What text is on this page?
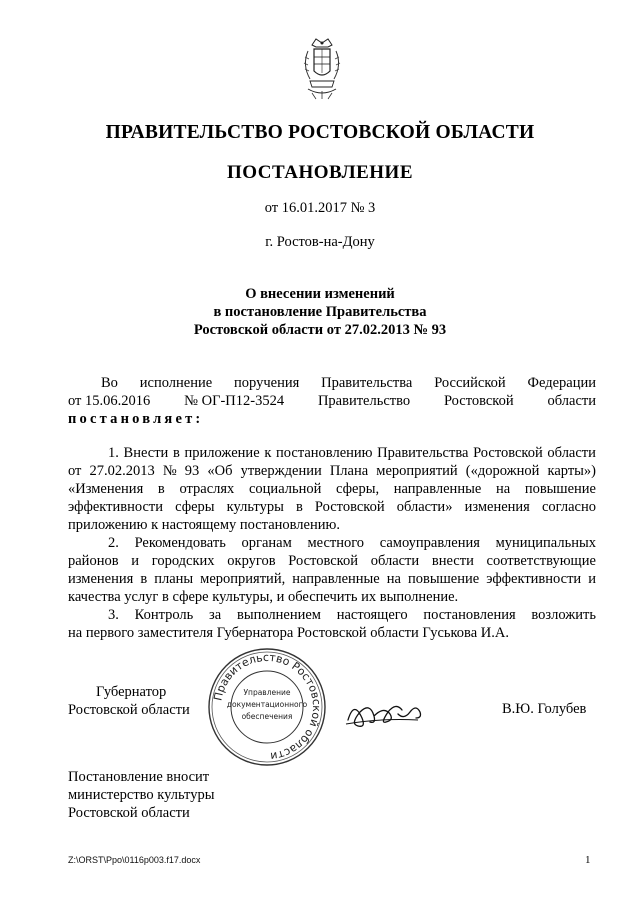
ПРАВИТЕЛЬСТВО РОСТОВСКОЙ ОБЛАСТИ
ПОСТАНОВЛЕНИЕ
от 16.01.2017 № 3
г. Ростов-на-Дону
О внесении изменений
в постановление Правительства
Ростовской области от 27.02.2013 № 93
Во исполнение поручения Правительства Российской Федерации
от 15.06.2016 № ОГ-П12-3524 Правительство Ростовской области
постановляет:
1. Внести в приложение к постановлению Правительства Ростовской области
от 27.02.2013 № 93 «Об утверждении Плана мероприятий («дорожной карты»)
«Изменения в отраслях социальной сферы, направленные на повышение
эффективности сферы культуры в Ростовской области» изменения согласно
приложению к настоящему постановлению.
2. Рекомендовать органам местного самоуправления муниципальных
районов и городских округов Ростовской области внести соответствующие
изменения в планы мероприятий, направленные на повышение эффективности и
качества услуг в сфере культуры, и обеспечить их выполнение.
3. Контроль за выполнением настоящего постановления возложить
на первого заместителя Губернатора Ростовской области Гуськова И.А.
Губернатор
Ростовской области
Правительство Ростовской области
Управление
документационного
обеспечения	В.Ю. Голубев
Постановление вносит
министерство культуры
Ростовской области
Z:\ORST\Ppo\0116p003.f17.docx	1
